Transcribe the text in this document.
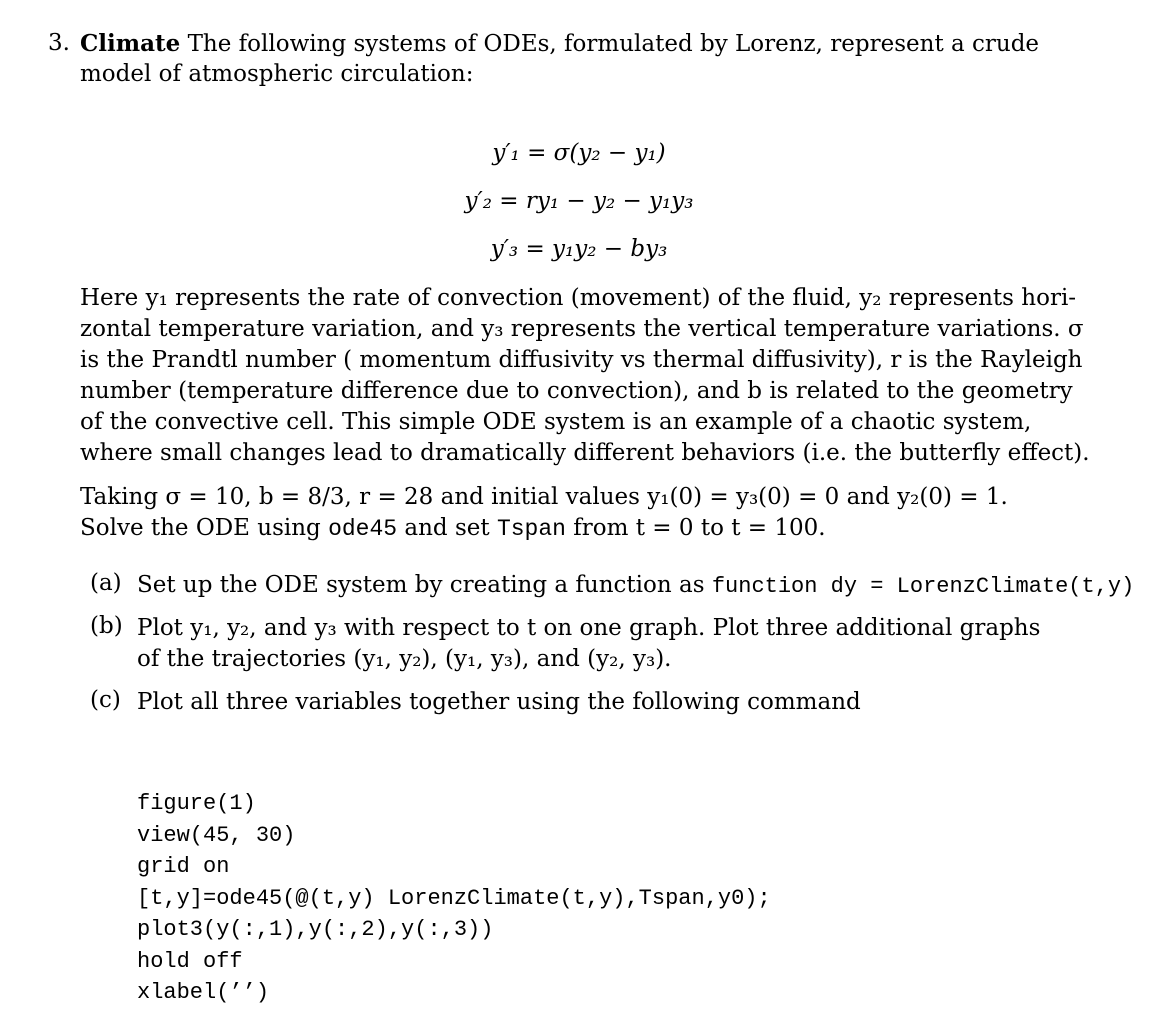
3. Climate The following systems of ODEs, formulated by Lorenz, represent a crude
model of atmospheric circulation:
y′₁ = σ(y₂ − y₁)
y′₂ = ry₁ − y₂ − y₁y₃
y′₃ = y₁y₂ − by₃
Here y₁ represents the rate of convection (movement) of the fluid, y₂ represents hori-
zontal temperature variation, and y₃ represents the vertical temperature variations. σ
is the Prandtl number ( momentum diffusivity vs thermal diffusivity), r is the Rayleigh
number (temperature difference due to convection), and b is related to the geometry
of the convective cell. This simple ODE system is an example of a chaotic system,
where small changes lead to dramatically different behaviors (i.e. the butterfly effect).
Taking σ = 10, b = 8/3, r = 28 and initial values y₁(0) = y₃(0) = 0 and y₂(0) = 1.
Solve the ODE using ode45 and set Tspan from t = 0 to t = 100.
(a) Set up the ODE system by creating a function as function dy = LorenzClimate(t,y)
(b) Plot y₁, y₂, and y₃ with respect to t on one graph. Plot three additional graphs
of the trajectories (y₁, y₂), (y₁, y₃), and (y₂, y₃).
(c) Plot all three variables together using the following command
figure(1)
view(45, 30)
grid on
[t,y]=ode45(@(t,y) LorenzClimate(t,y),Tspan,y0);
plot3(y(:,1),y(:,2),y(:,3))
hold off
xlabel(’’)
